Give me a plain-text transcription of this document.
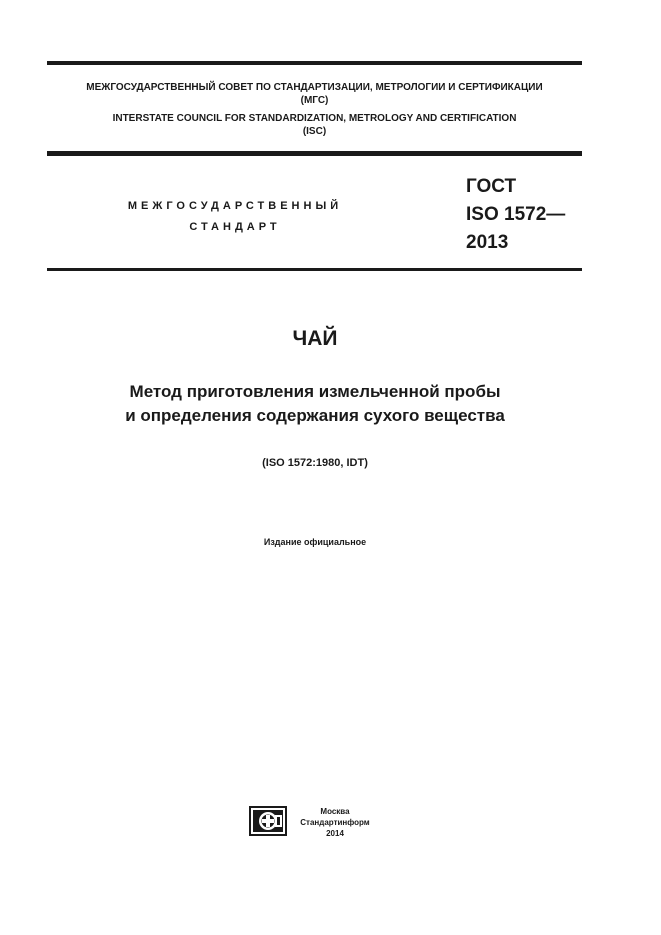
МЕЖГОСУДАРСТВЕННЫЙ СОВЕТ ПО СТАНДАРТИЗАЦИИ, МЕТРОЛОГИИ И СЕРТИФИКАЦИИ
(МГС)
INTERSTATE COUNCIL FOR STANDARDIZATION, METROLOGY AND CERTIFICATION
(ISC)
МЕЖГОСУДАРСТВЕННЫЙ
СТАНДАРТ
ГОСТ
ISO 1572—
2013
ЧАЙ
Метод приготовления измельченной пробы
и определения содержания сухого вещества
(ISO 1572:1980, IDT)
Издание официальное
Москва
Стандартинформ
2014
